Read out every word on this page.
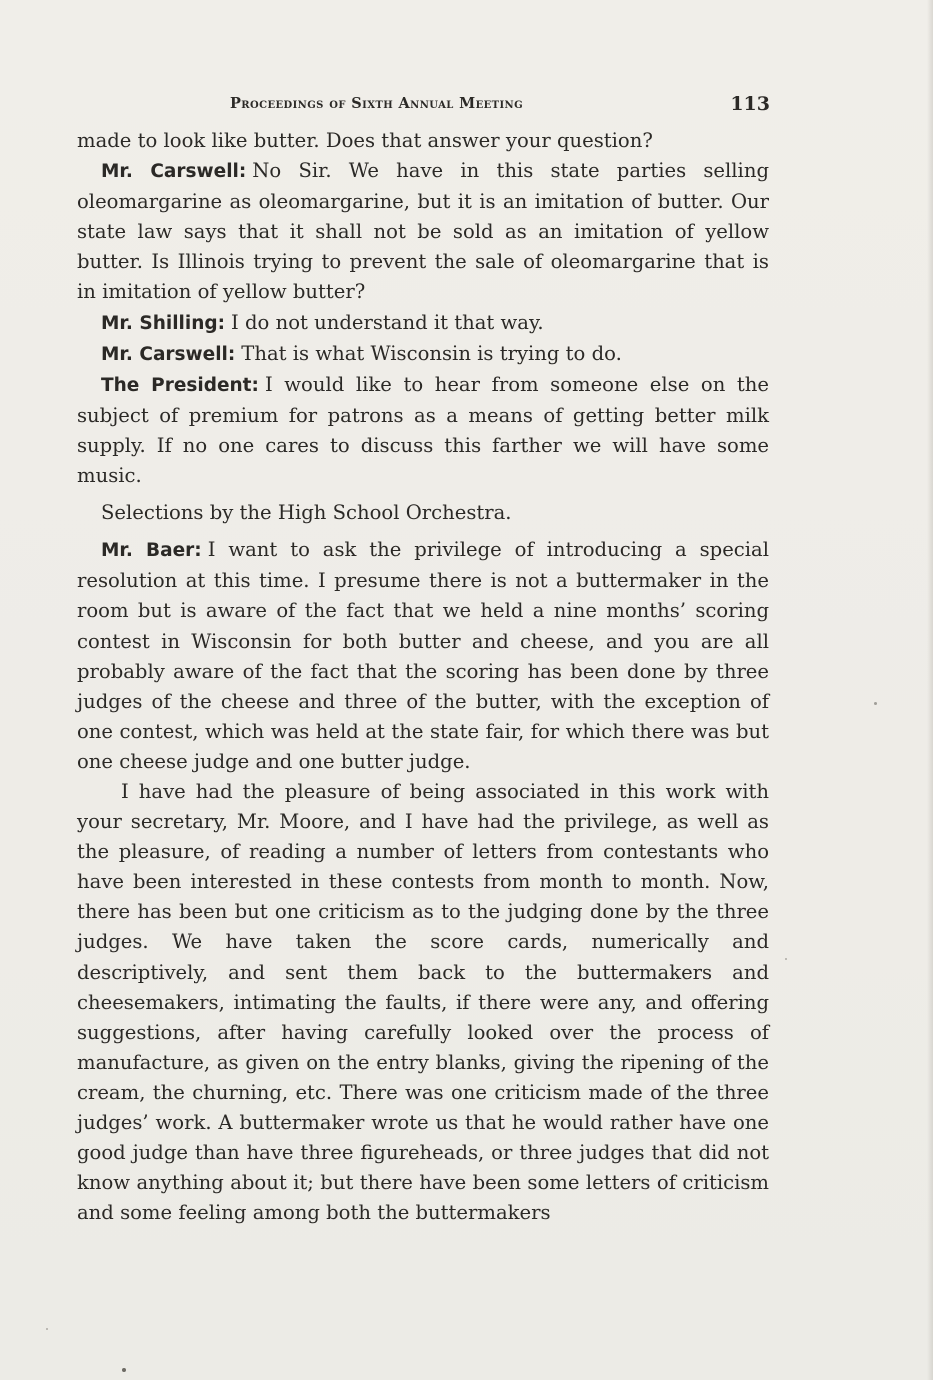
Proceedings of Sixth Annual Meeting	113

made to look like butter. Does that answer your question?

Mr. Carswell: No Sir. We have in this state parties selling oleomargarine as oleomargarine, but it is an imitation of butter. Our state law says that it shall not be sold as an imitation of yellow butter. Is Illinois trying to prevent the sale of oleomargarine that is in imitation of yellow butter?

Mr. Shilling: I do not understand it that way.

Mr. Carswell: That is what Wisconsin is trying to do.

The President: I would like to hear from someone else on the subject of premium for patrons as a means of getting better milk supply. If no one cares to discuss this farther we will have some music.

Selections by the High School Orchestra.

Mr. Baer: I want to ask the privilege of introducing a special resolution at this time. I presume there is not a buttermaker in the room but is aware of the fact that we held a nine months’ scoring contest in Wisconsin for both butter and cheese, and you are all probably aware of the fact that the scoring has been done by three judges of the cheese and three of the butter, with the exception of one contest, which was held at the state fair, for which there was but one cheese judge and one butter judge.

I have had the pleasure of being associated in this work with your secretary, Mr. Moore, and I have had the privilege, as well as the pleasure, of reading a number of letters from contestants who have been interested in these contests from month to month. Now, there has been but one criticism as to the judging done by the three judges. We have taken the score cards, numerically and descriptively, and sent them back to the buttermakers and cheesemakers, intimating the faults, if there were any, and offering suggestions, after having carefully looked over the process of manufacture, as given on the entry blanks, giving the ripening of the cream, the churning, etc. There was one criticism made of the three judges’ work. A buttermaker wrote us that he would rather have one good judge than have three figureheads, or three judges that did not know anything about it; but there have been some letters of criticism and some feeling among both the buttermakers
